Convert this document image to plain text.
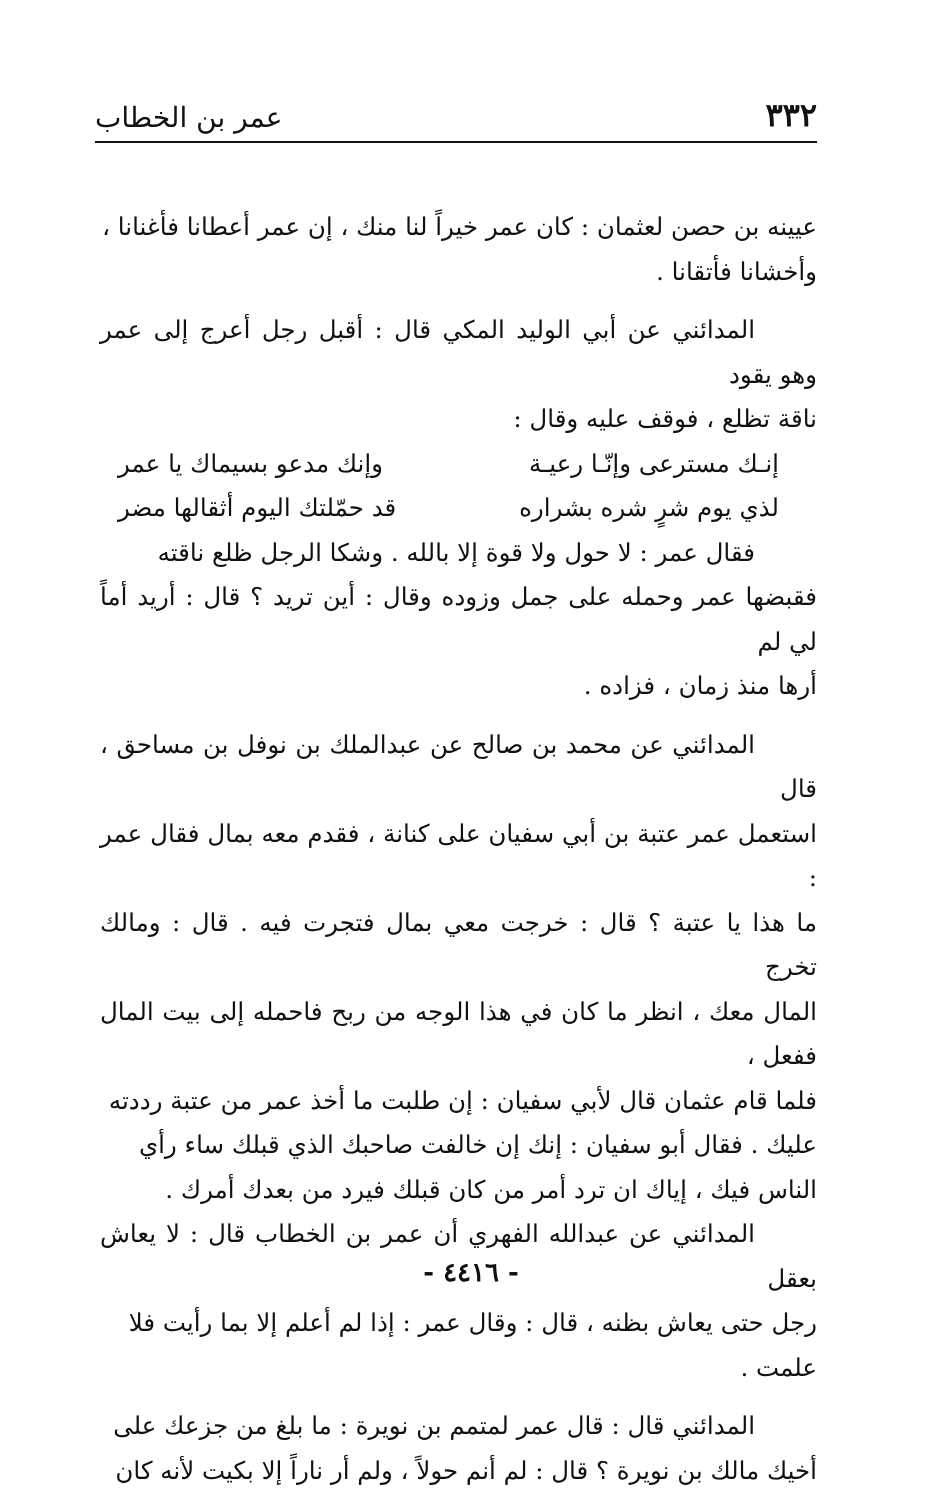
٣٣٢
عمر بن الخطاب

عيينه بن حصن لعثمان : كان عمر خيراً لنا منك ، إن عمر أعطانا فأغنانا ،
وأخشانا فأتقانا .

المدائني عن أبي الوليد المكي قال : أقبل رجل أعرج إلى عمر وهو يقود
ناقة تظلع ، فوقف عليه وقال :

إنـك مسترعى وإنّـا رعيـة
وإنك مدعو بسيماك يا عمر
لذي يوم شرٍ شره بشراره
قد حمّلتك اليوم أثقالها مضر

فقال عمر : لا حول ولا قوة إلا بالله . وشكا الرجل ظلع ناقته
فقبضها عمر وحمله على جمل وزوده وقال : أين تريد ؟ قال : أريد أماً لي لم
أرها منذ زمان ، فزاده .

المدائني عن محمد بن صالح عن عبدالملك بن نوفل بن مساحق ، قال
استعمل عمر عتبة بن أبي سفيان على كنانة ، فقدم معه بمال فقال عمر :
ما هذا يا عتبة ؟ قال : خرجت معي بمال فتجرت فيه . قال : ومالك تخرج
المال معك ، انظر ما كان في هذا الوجه من ربح فاحمله إلى بيت المال ففعل ،
فلما قام عثمان قال لأبي سفيان : إن طلبت ما أخذ عمر من عتبة رددته
عليك . فقال أبو سفيان : إنك إن خالفت صاحبك الذي قبلك ساء رأي
الناس فيك ، إياك ان ترد أمر من كان قبلك فيرد من بعدك أمرك .

المدائني عن عبدالله الفهري أن عمر بن الخطاب قال : لا يعاش بعقل
رجل حتى يعاش بظنه ، قال : وقال عمر : إذا لم أعلم إلا بما رأيت فلا
علمت .

المدائني قال : قال عمر لمتمم بن نويرة : ما بلغ من جزعك على
أخيك مالك بن نويرة ؟ قال : لم أنم حولاً ، ولم أر ناراً إلا بكيت لأنه كان

- ٤٤١٦ -
